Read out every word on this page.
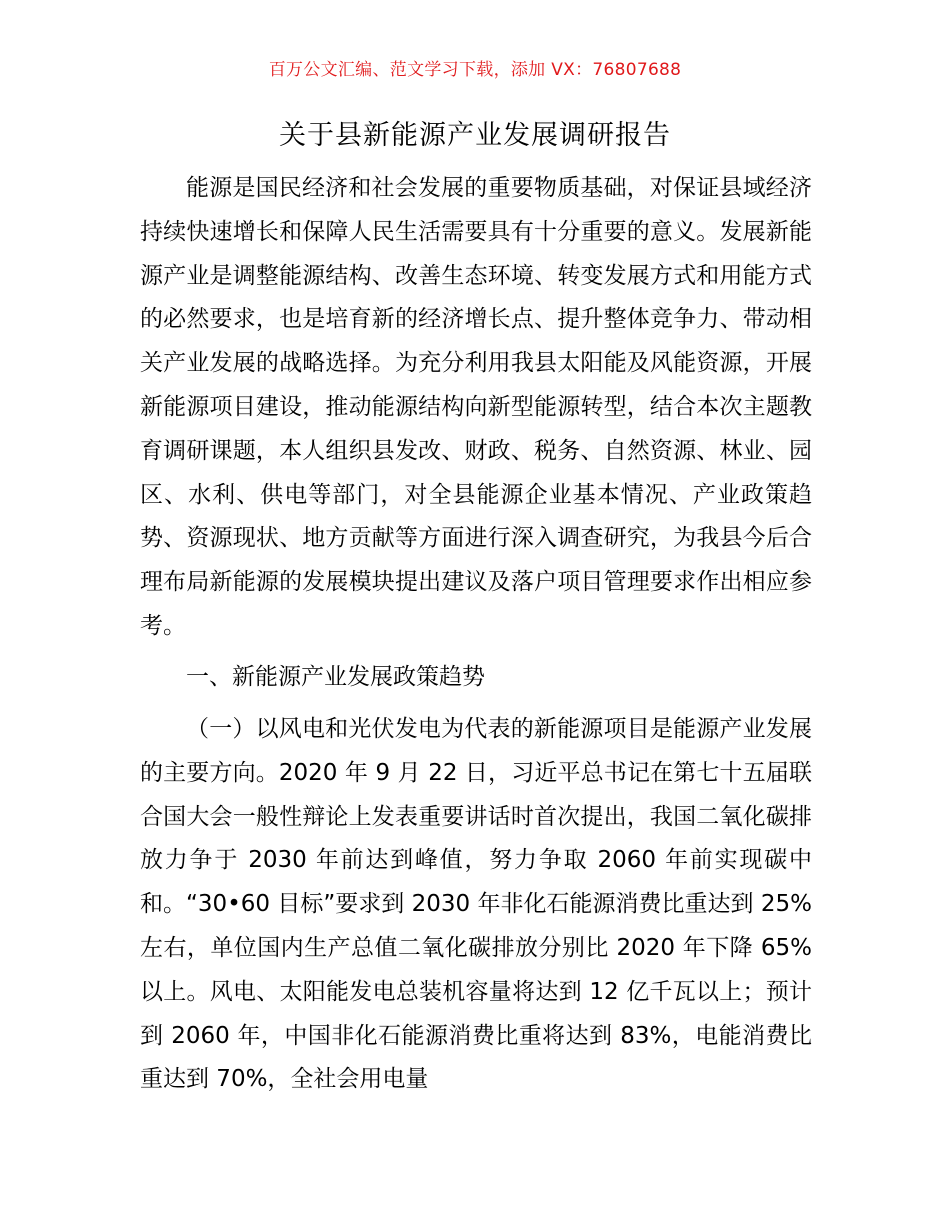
百万公文汇编、范文学习下载，添加 VX：76807688
关于县新能源产业发展调研报告

能源是国民经济和社会发展的重要物质基础，对保证县域经济持续快速增长和保障人民生活需要具有十分重要的意义。发展新能源产业是调整能源结构、改善生态环境、转变发展方式和用能方式的必然要求，也是培育新的经济增长点、提升整体竞争力、带动相关产业发展的战略选择。为充分利用我县太阳能及风能资源，开展新能源项目建设，推动能源结构向新型能源转型，结合本次主题教育调研课题，本人组织县发改、财政、税务、自然资源、林业、园区、水利、供电等部门，对全县能源企业基本情况、产业政策趋势、资源现状、地方贡献等方面进行深入调查研究，为我县今后合理布局新能源的发展模块提出建议及落户项目管理要求作出相应参考。

一、新能源产业发展政策趋势

（一）以风电和光伏发电为代表的新能源项目是能源产业发展的主要方向。2020 年 9 月 22 日，习近平总书记在第七十五届联合国大会一般性辩论上发表重要讲话时首次提出，我国二氧化碳排放力争于 2030 年前达到峰值，努力争取 2060 年前实现碳中和。“30•60 目标”要求到 2030 年非化石能源消费比重达到 25%左右，单位国内生产总值二氧化碳排放分别比 2020 年下降 65%以上。风电、太阳能发电总装机容量将达到 12 亿千瓦以上；预计到 2060 年，中国非化石能源消费比重将达到 83%，电能消费比重达到 70%，全社会用电量
